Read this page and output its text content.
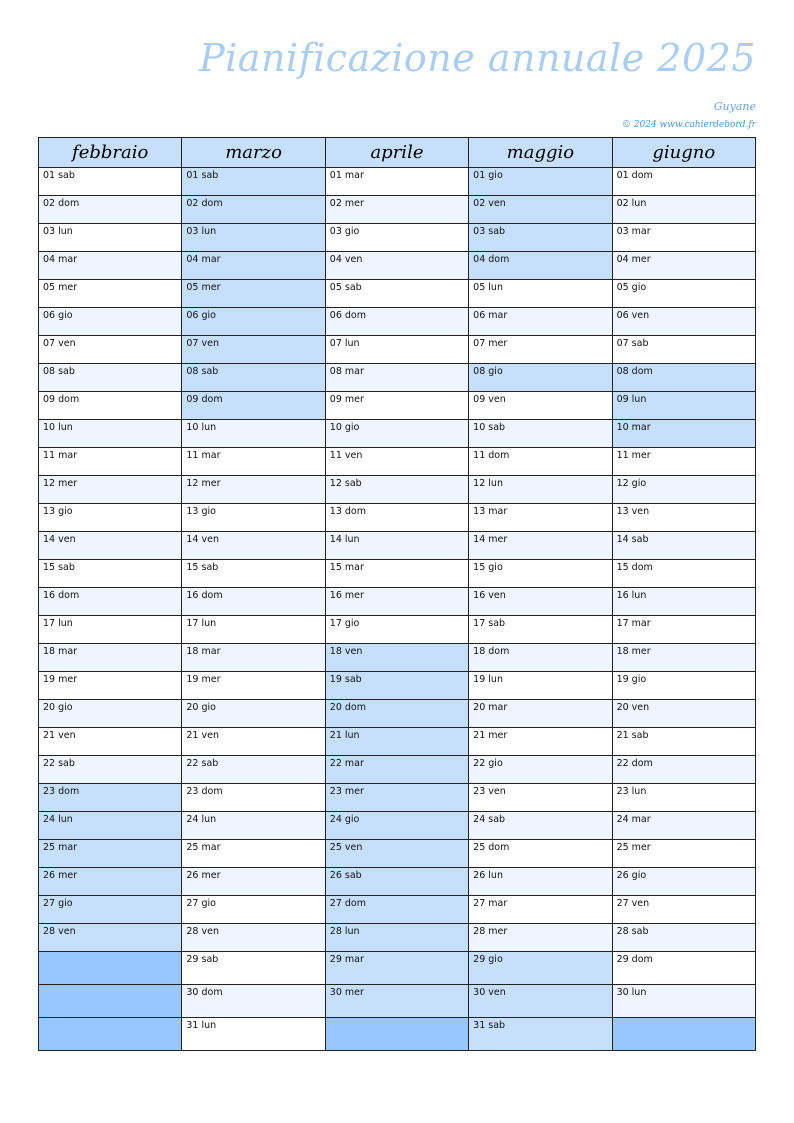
Pianificazione annuale 2025
Guyane
© 2024 www.cahierdebord.fr
febbraio	marzo	aprile	maggio	giugno
01 sab	01 sab	01 mar	01 gio	01 dom
02 dom	02 dom	02 mer	02 ven	02 lun
03 lun	03 lun	03 gio	03 sab	03 mar
04 mar	04 mar	04 ven	04 dom	04 mer
05 mer	05 mer	05 sab	05 lun	05 gio
06 gio	06 gio	06 dom	06 mar	06 ven
07 ven	07 ven	07 lun	07 mer	07 sab
08 sab	08 sab	08 mar	08 gio	08 dom
09 dom	09 dom	09 mer	09 ven	09 lun
10 lun	10 lun	10 gio	10 sab	10 mar
11 mar	11 mar	11 ven	11 dom	11 mer
12 mer	12 mer	12 sab	12 lun	12 gio
13 gio	13 gio	13 dom	13 mar	13 ven
14 ven	14 ven	14 lun	14 mer	14 sab
15 sab	15 sab	15 mar	15 gio	15 dom
16 dom	16 dom	16 mer	16 ven	16 lun
17 lun	17 lun	17 gio	17 sab	17 mar
18 mar	18 mar	18 ven	18 dom	18 mer
19 mer	19 mer	19 sab	19 lun	19 gio
20 gio	20 gio	20 dom	20 mar	20 ven
21 ven	21 ven	21 lun	21 mer	21 sab
22 sab	22 sab	22 mar	22 gio	22 dom
23 dom	23 dom	23 mer	23 ven	23 lun
24 lun	24 lun	24 gio	24 sab	24 mar
25 mar	25 mar	25 ven	25 dom	25 mer
26 mer	26 mer	26 sab	26 lun	26 gio
27 gio	27 gio	27 dom	27 mar	27 ven
28 ven	28 ven	28 lun	28 mer	28 sab
	29 sab	29 mar	29 gio	29 dom
	30 dom	30 mer	30 ven	30 lun
	31 lun		31 sab	
